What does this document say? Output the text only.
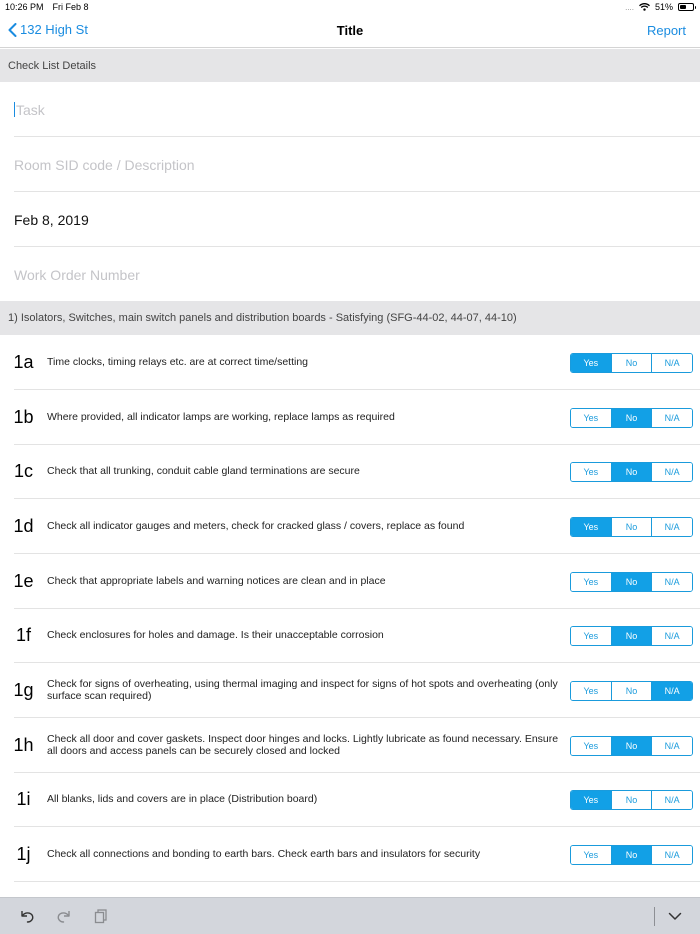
10:26 PM Fri Feb 8	.... 51%
132 High St	Title	Report
Check List Details
Task
Room SID code / Description
Feb 8, 2019
Work Order Number
1) Isolators, Switches, main switch panels and distribution boards - Satisfying (SFG-44-02, 44-07, 44-10)
1a	Time clocks, timing relays etc. are at correct time/setting	Yes	No	N/A
1b	Where provided, all indicator lamps are working, replace lamps as required	Yes	No	N/A
1c	Check that all trunking, conduit cable gland terminations are secure	Yes	No	N/A
1d	Check all indicator gauges and meters, check for cracked glass / covers, replace as found	Yes	No	N/A
1e	Check that appropriate labels and warning notices are clean and in place	Yes	No	N/A
1f	Check enclosures for holes and damage. Is their unacceptable corrosion	Yes	No	N/A
1g	Check for signs of overheating, using thermal imaging and inspect for signs of hot spots and overheating (only surface scan required)	Yes	No	N/A
1h	Check all door and cover gaskets. Inspect door hinges and locks. Lightly lubricate as found necessary. Ensure all doors and access panels can be securely closed and locked	Yes	No	N/A
1i	All blanks, lids and covers are in place (Distribution board)	Yes	No	N/A
1j	Check all connections and bonding to earth bars. Check earth bars and insulators for security	Yes	No	N/A
